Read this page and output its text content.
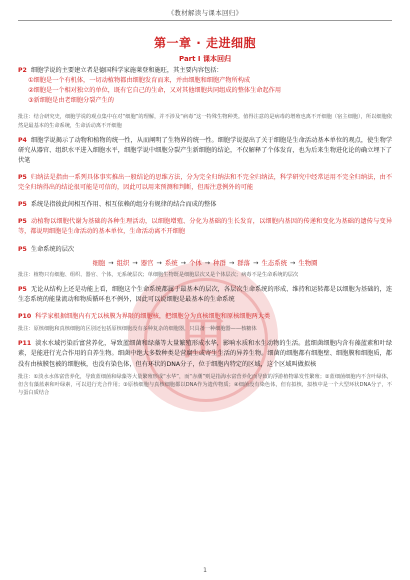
田
《教材解读与课本回归》
第一章 · 走进细胞
Part I 课本回归
P2 细胞学说的主要建立者是德国科学家施莱登和施旺，其主要内容包括：
①细胞是一个有机体，一切动植物都由细胞发育而来，并由细胞和细胞产物所构成
②细胞是一个相对独立的单位，既有它自己的生命，又对其他细胞共同组成的整体生命起作用
③新细胞是由老细胞分裂产生的
批注：结合研究史，细胞学说的观点集中在对“细胞”的理解，并不涉及“病毒”这一特殊生物种类。值得注意的是病毒的增殖也离不开细胞（宿主细胞），所以细胞依然是最基本的生命系统，生命活动离不开细胞
P4 细胞学说揭示了动物和植物的统一性，从而阐明了生物界的统一性。细胞学说提出了关于细胞是生命活动基本单位的观点，使生物学研究从器官、组织水平进入细胞水平，细胞学说中细胞分裂产生新细胞的结论，不仅解释了个体发育，也为后来生物进化论的确立埋下了伏笔
P5 归纳法是指由一系列具体事实推出一般结论的思维方法，分为完全归纳法和不完全归纳法，科学研究中经常运用不完全归纳法，由不完全归纳得出的结论很可能是可信的，因此可以用来预测和判断，但需注意例外的可能
P5 系统是指彼此间相互作用、相互依赖的组分有规律的结合而成的整体
P5 动植物以细胞代谢为基础的各种生理活动，以细胞增殖、分化为基础的生长发育，以细胞内基因的传递和变化为基础的遗传与变异等，都说明细胞是生命活动的基本单位，生命活动离不开细胞
P5 生命系统的层次
细胞 → 组织 → 器官 → 系统 → 个体 → 种群 → 群落 → 生态系统 → 生物圈
批注：植物只有细胞、组织、器官、个体，无系统层次；单细胞生物既是细胞层次又是个体层次；病毒不是生命系统的层次
P5 无论从结构上还是功能上看，细胞这个生命系统都属于最基本的层次，各层次生命系统的形成、维持和运转都是以细胞为基础的，连生态系统的能量流动和物质循环也不例外，因此可以说细胞是最基本的生命系统
P10 科学家根据细胞内有无以核膜为界限的细胞核，把细胞分为真核细胞和原核细胞两大类
批注：原核细胞和真核细胞的区别还包括原核细胞没有多种复杂的细胞器，只具备一种细胞器——核糖体
P11 淡水水域污染后富营养化，导致蓝细菌和绿藻等大量繁殖形成水华，影响水质和水生动物的生活。蓝细菌细胞内含有藻蓝素和叶绿素，是能进行光合作用的自养生物。细菌中绝大多数种类是营腐生或寄生生活的异养生物。细菌的细胞都有细胞壁、细胞膜和细胞质，都没有由核膜包被的细胞核，也没有染色体，但有环状的DNA分子，位于细胞内特定的区域，这个区域叫做拟核
批注：①淡水水体富营养化，导致蓝细菌和绿藻等大量繁殖形成“水华”，而“赤潮”则是指海水富营养化而导致的浮游植物暴发性繁殖；②蓝细菌细胞内不含叶绿体，但含有藻蓝素和叶绿素，可以进行光合作用；③原核细胞与真核细胞都以DNA作为遗传物质；④细菌没有染色体，但有拟核，拟核中是一个大型环状DNA分子，不与蛋白质结合
1
